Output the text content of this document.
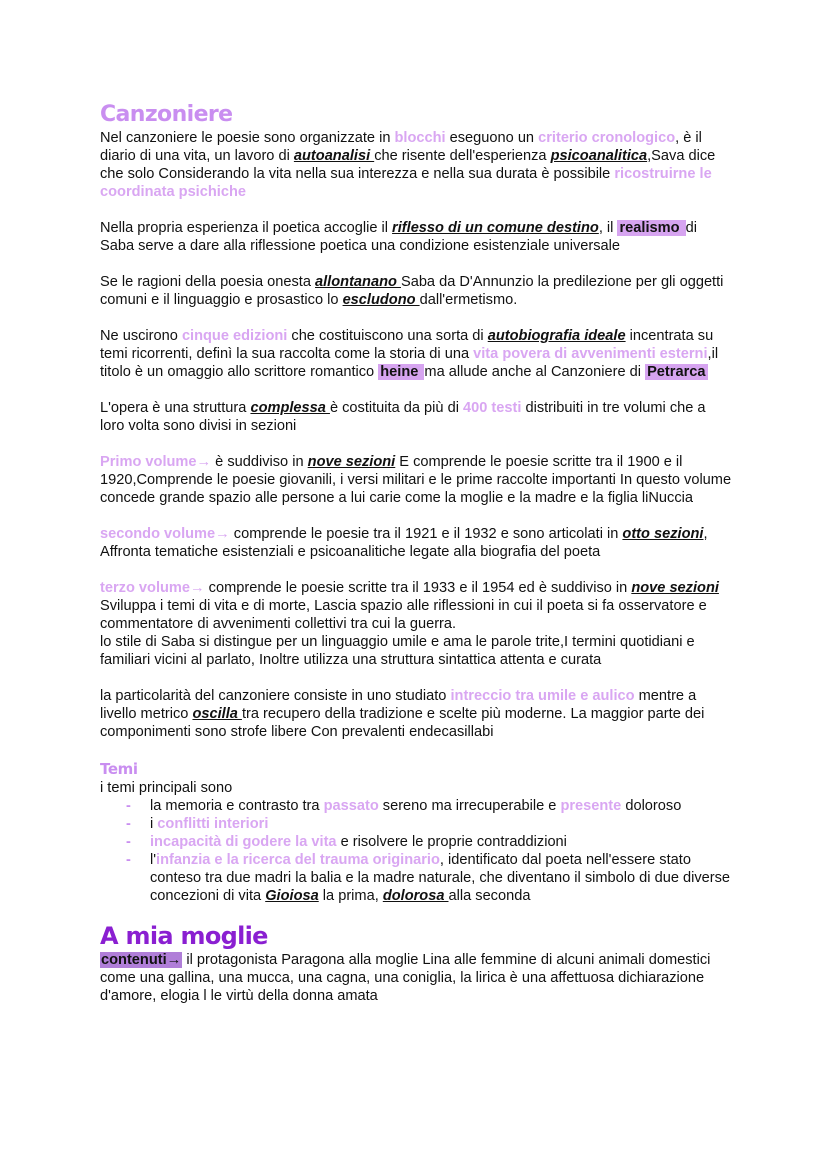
Canzoniere

Nel canzoniere le poesie sono organizzate in blocchi eseguono un criterio cronologico, è il diario di una vita, un lavoro di autoanalisi che risente dell'esperienza psicoanalitica,Sava dice che solo Considerando la vita nella sua interezza e nella sua durata è possibile ricostruirne le coordinata psichiche

Nella propria esperienza il poetica accoglie il riflesso di un comune destino, il realismo di Saba serve a dare alla riflessione poetica una condizione esistenziale universale

Se le ragioni della poesia onesta allontanano Saba da D'Annunzio la predilezione per gli oggetti comuni e il linguaggio e prosastico lo escludono dall'ermetismo.

Ne uscirono cinque edizioni che costituiscono una sorta di autobiografia ideale incentrata su temi ricorrenti, definì la sua raccolta come la storia di una vita povera di avvenimenti esterni,il titolo è un omaggio allo scrittore romantico heine ma allude anche al Canzoniere di Petrarca

L'opera è una struttura complessa è costituita da più di 400 testi distribuiti in tre volumi che a loro volta sono divisi in sezioni

Primo volume→ è suddiviso in nove sezioni E comprende le poesie scritte tra il 1900 e il 1920,Comprende le poesie giovanili, i versi militari e le prime raccolte importanti In questo volume concede grande spazio alle persone a lui carie come la moglie e la madre e la figlia liNuccia

secondo volume→ comprende le poesie tra il 1921 e il 1932 e sono articolati in otto sezioni, Affronta tematiche esistenziali e psicoanalitiche legate alla biografia del poeta

terzo volume→ comprende le poesie scritte tra il 1933 e il 1954 ed è suddiviso in nove sezioni

Sviluppa i temi di vita e di morte, Lascia spazio alle riflessioni in cui il poeta si fa osservatore e commentatore di avvenimenti collettivi tra cui la guerra.

lo stile di Saba si distingue per un linguaggio umile e ama le parole trite,I termini quotidiani e familiari vicini al parlato, Inoltre utilizza una struttura sintattica attenta e curata

la particolarità del canzoniere consiste in uno studiato intreccio tra umile e aulico mentre a livello metrico oscilla tra recupero della tradizione e scelte più moderne. La maggior parte dei componimenti sono strofe libere Con prevalenti endecasillabi

Temi

i temi principali sono

- la memoria e contrasto tra passato sereno ma irrecuperabile e presente doloroso
- i conflitti interiori
- incapacità di godere la vita e risolvere le proprie contraddizioni
- l'infanzia e la ricerca del trauma originario, identificato dal poeta nell'essere stato conteso tra due madri la balia e la madre naturale, che diventano il simbolo di due diverse concezioni di vita Gioiosa la prima, dolorosa alla seconda
A mia moglie

contenuti→ il protagonista Paragona alla moglie Lina alle femmine di alcuni animali domestici come una gallina, una mucca, una cagna, una coniglia, la lirica è una affettuosa dichiarazione d'amore, elogia l le virtù della donna amata
